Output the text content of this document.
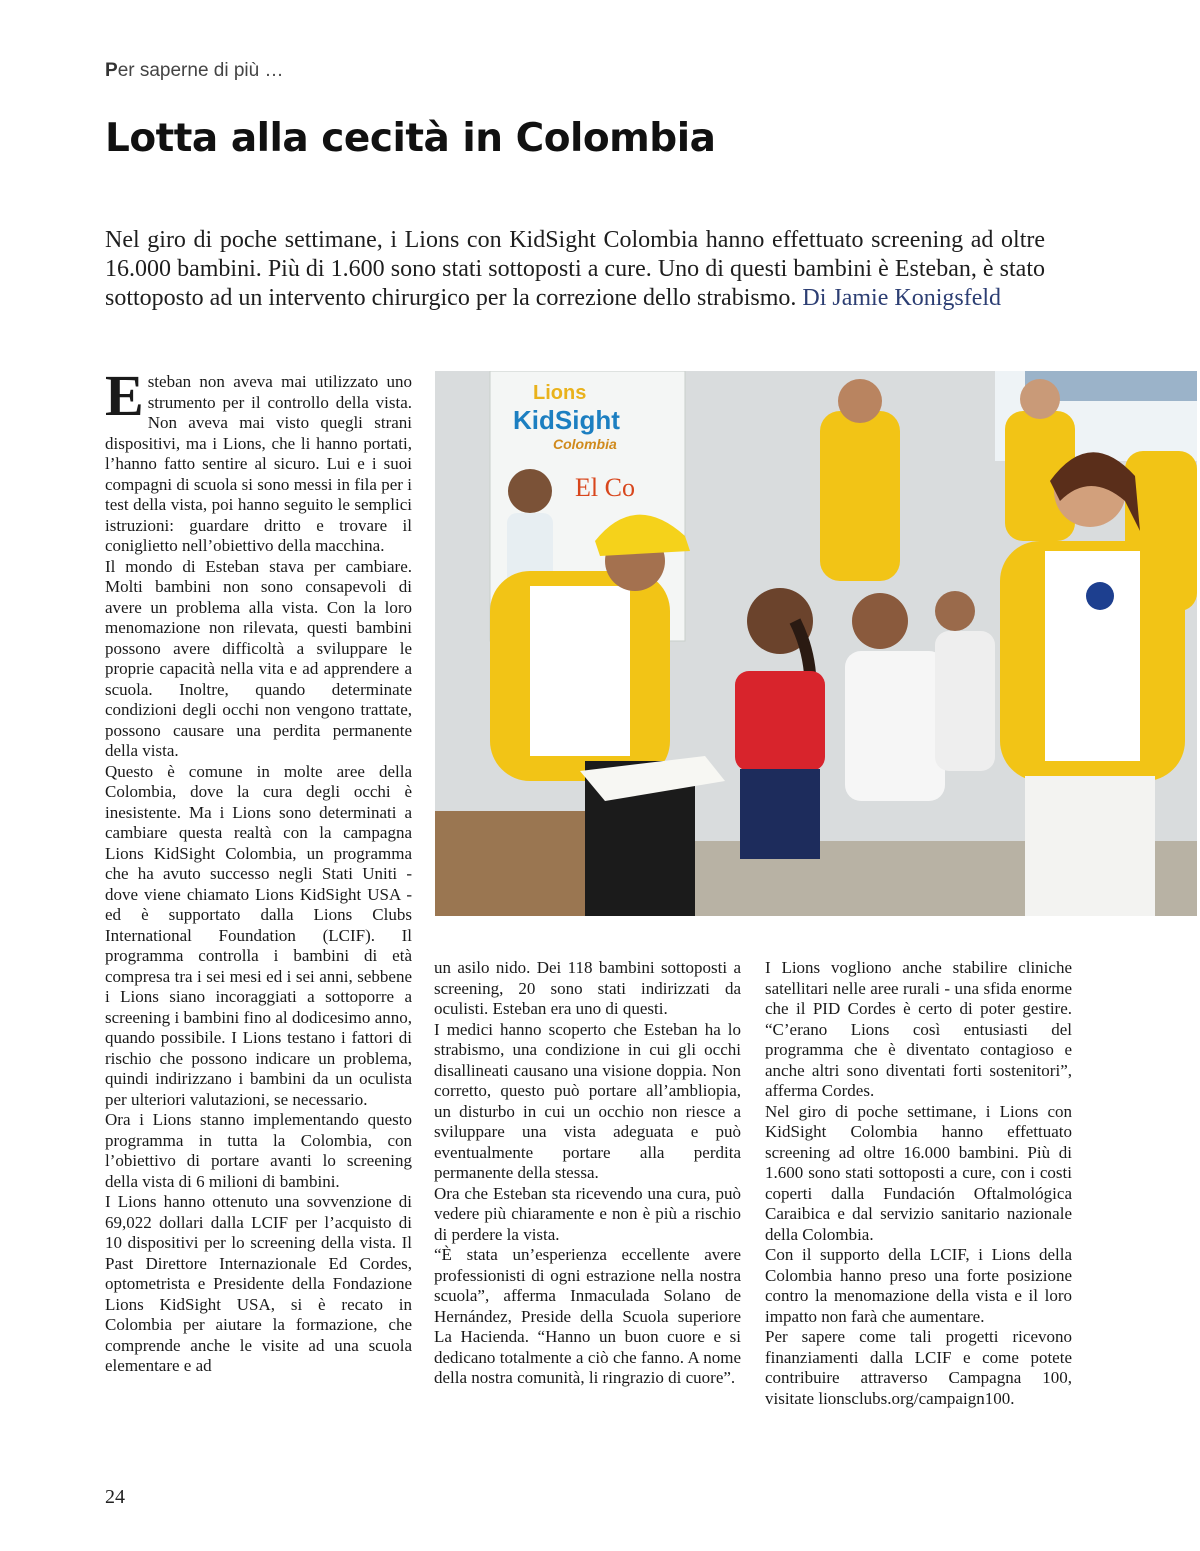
Per saperne di più …
Lotta alla cecità in Colombia

Nel giro di poche settimane, i Lions con KidSight Colombia hanno effettuato screening ad oltre 16.000 bambini. Più di 1.600 sono stati sottoposti a cure. Uno di questi bambini è Esteban, è stato sottoposto ad un intervento chirurgico per la correzione dello strabismo. Di Jamie Konigsfeld

Lions
KidSight
Colombia
El Co

Esteban non aveva mai utilizzato uno strumento per il controllo della vista. Non aveva mai visto quegli strani dispositivi, ma i Lions, che li hanno portati, l’hanno fatto sentire al sicuro. Lui e i suoi compagni di scuola si sono messi in fila per i test della vista, poi hanno seguito le semplici istruzioni: guardare dritto e trovare il coniglietto nell’obiettivo della macchina.

Il mondo di Esteban stava per cambiare. Molti bambini non sono consapevoli di avere un problema alla vista. Con la loro menomazione non rilevata, questi bambini possono avere difficoltà a sviluppare le proprie capacità nella vita e ad apprendere a scuola. Inoltre, quando determinate condizioni degli occhi non vengono trattate, possono causare una perdita permanente della vista.

Questo è comune in molte aree della Colombia, dove la cura degli occhi è inesistente. Ma i Lions sono determinati a cambiare questa realtà con la campagna Lions KidSight Colombia, un programma che ha avuto successo negli Stati Uniti - dove viene chiamato Lions KidSight USA - ed è supportato dalla Lions Clubs International Foundation (LCIF). Il programma controlla i bambini di età compresa tra i sei mesi ed i sei anni, sebbene i Lions siano incoraggiati a sottoporre a screening i bambini fino al dodicesimo anno, quando possibile. I Lions testano i fattori di rischio che possono indicare un problema, quindi indirizzano i bambini da un oculista per ulteriori valutazioni, se necessario.

Ora i Lions stanno implementando questo programma in tutta la Colombia, con l’obiettivo di portare avanti lo screening della vista di 6 milioni di bambini.

I Lions hanno ottenuto una sovvenzione di 69,022 dollari dalla LCIF per l’acquisto di 10 dispositivi per lo screening della vista. Il Past Direttore Internazionale Ed Cordes, optometrista e Presidente della Fondazione Lions KidSight USA, si è recato in Colombia per aiutare la formazione, che comprende anche le visite ad una scuola elementare e ad

un asilo nido. Dei 118 bambini sottoposti a screening, 20 sono stati indirizzati da oculisti. Esteban era uno di questi.

I medici hanno scoperto che Esteban ha lo strabismo, una condizione in cui gli occhi disallineati causano una visione doppia. Non corretto, questo può portare all’ambliopia, un disturbo in cui un occhio non riesce a sviluppare una vista adeguata e può eventualmente portare alla perdita permanente della stessa.

Ora che Esteban sta ricevendo una cura, può vedere più chiaramente e non è più a rischio di perdere la vista.

“È stata un’esperienza eccellente avere professionisti di ogni estrazione nella nostra scuola”, afferma Inmaculada Solano de Hernández, Preside della Scuola superiore La Hacienda. “Hanno un buon cuore e si dedicano totalmente a ciò che fanno. A nome della nostra comunità, li ringrazio di cuore”.

I Lions vogliono anche stabilire cliniche satellitari nelle aree rurali - una sfida enorme che il PID Cordes è certo di poter gestire. “C’erano Lions così entusiasti del programma che è diventato contagioso e anche altri sono diventati forti sostenitori”, afferma Cordes.

Nel giro di poche settimane, i Lions con KidSight Colombia hanno effettuato screening ad oltre 16.000 bambini. Più di 1.600 sono stati sottoposti a cure, con i costi coperti dalla Fundación Oftalmológica Caraibica e dal servizio sanitario nazionale della Colombia.

Con il supporto della LCIF, i Lions della Colombia hanno preso una forte posizione contro la menomazione della vista e il loro impatto non farà che aumentare.

Per sapere come tali progetti ricevono finanziamenti dalla LCIF e come potete contribuire attraverso Campagna 100, visitate lionsclubs.org/campaign100.

24
